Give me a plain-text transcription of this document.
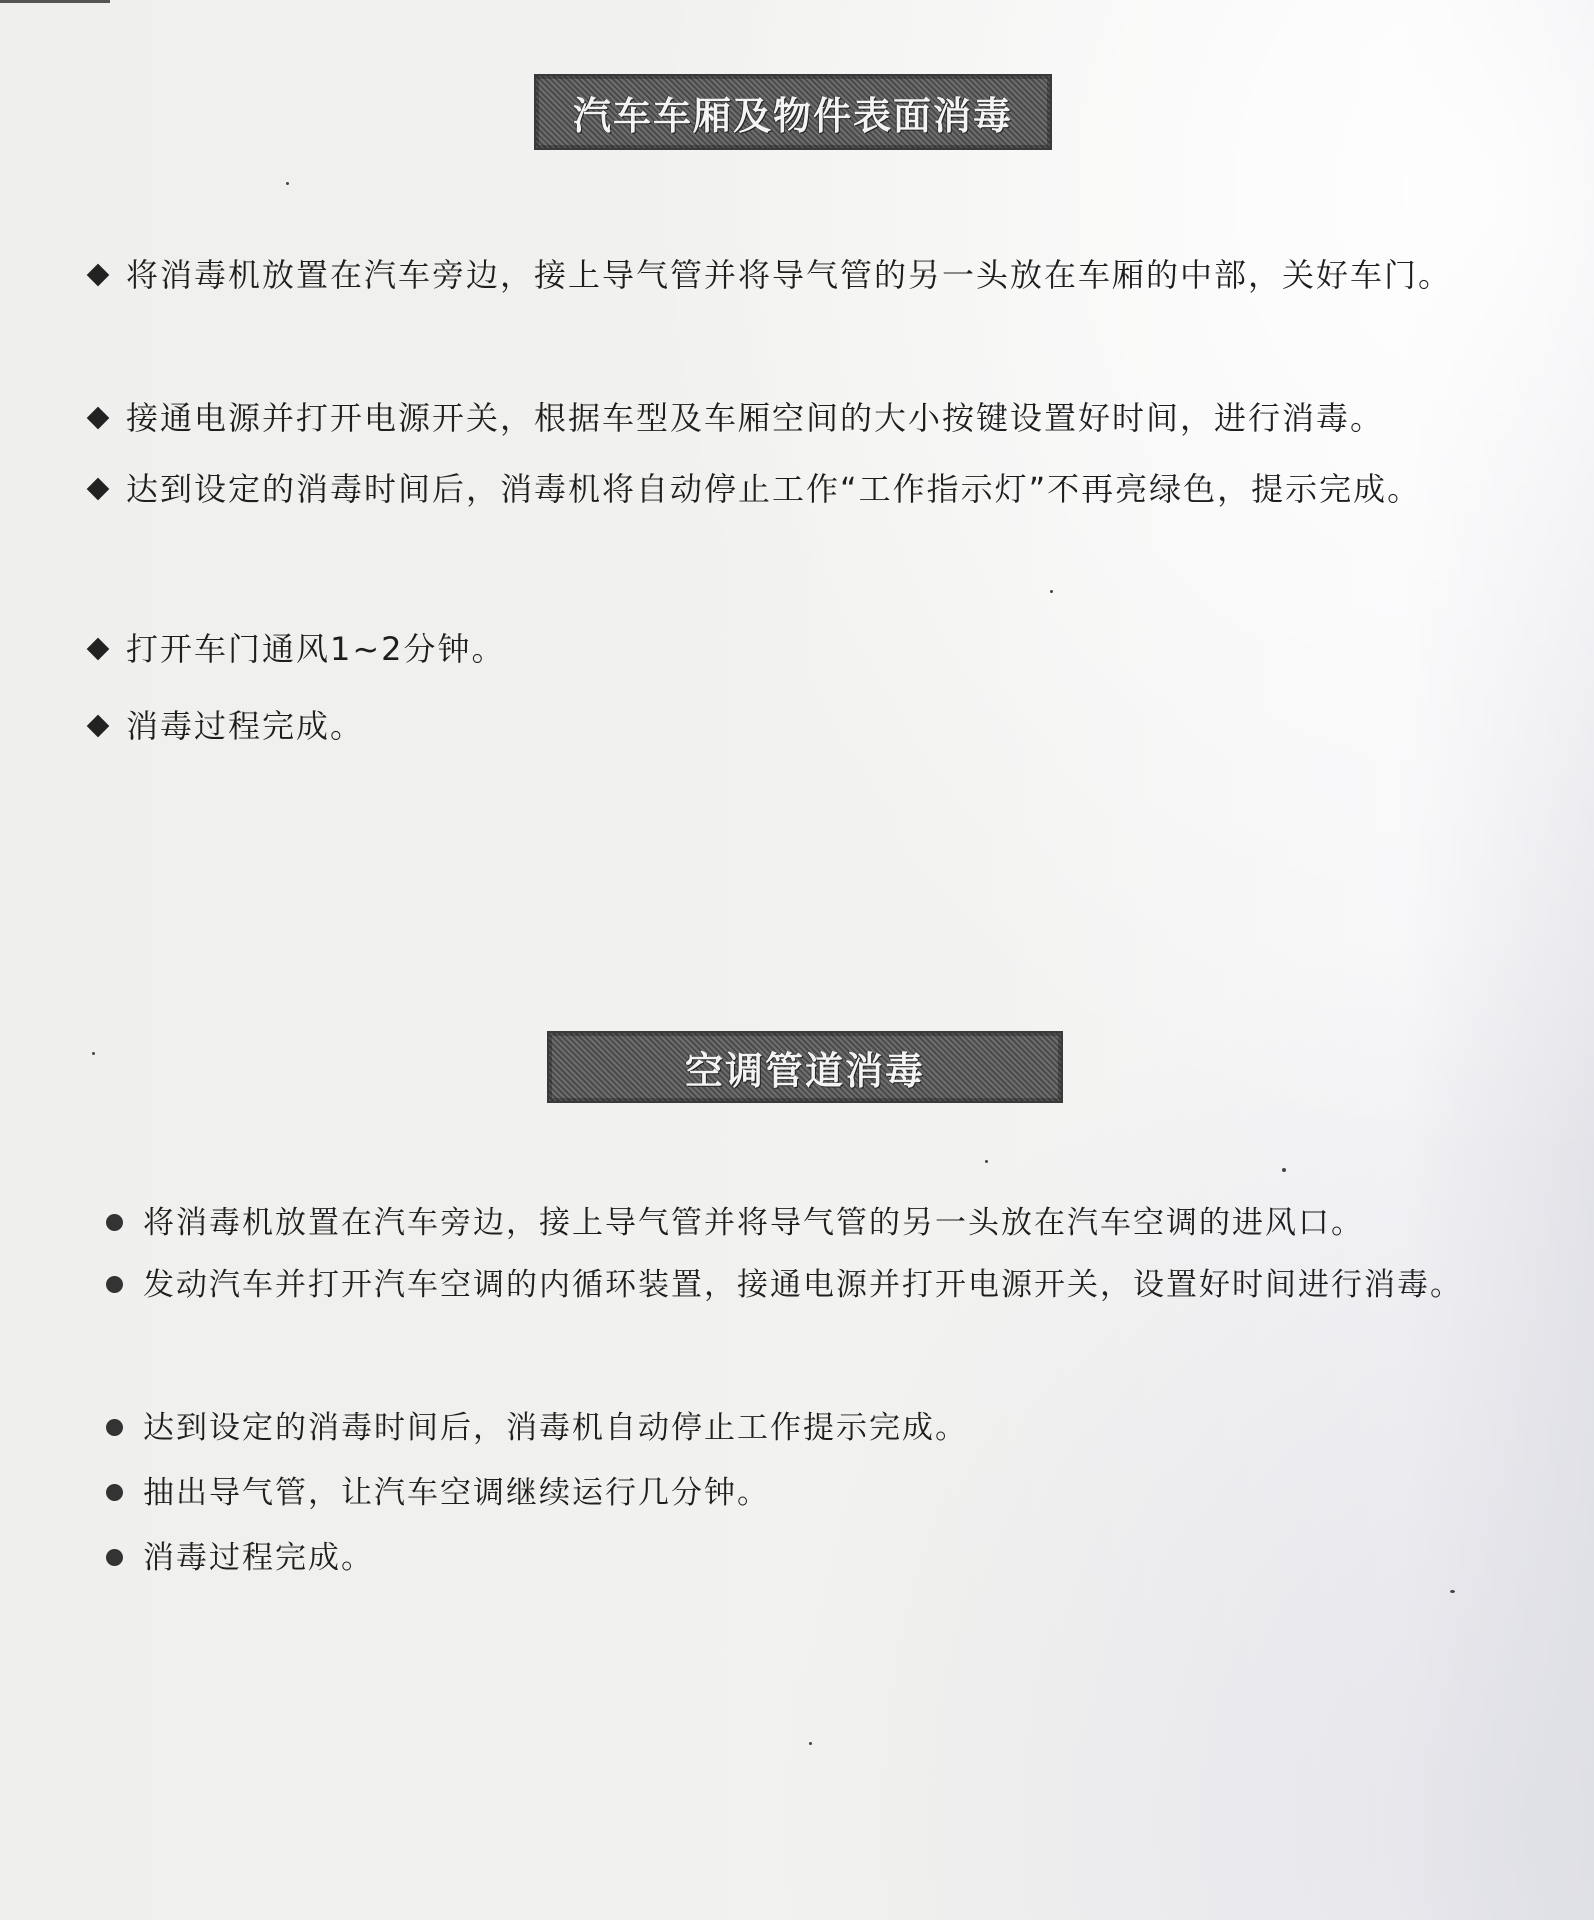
汽车车厢及物件表面消毒
将消毒机放置在汽车旁边，接上导气管并将导气管的另一头放在车厢的中部，关好车门。
接通电源并打开电源开关，根据车型及车厢空间的大小按键设置好时间，进行消毒。
达到设定的消毒时间后，消毒机将自动停止工作“工作指示灯”不再亮绿色，提示完成。
打开车门通风1~2分钟。
消毒过程完成。
空调管道消毒
将消毒机放置在汽车旁边，接上导气管并将导气管的另一头放在汽车空调的进风口。
发动汽车并打开汽车空调的内循环装置，接通电源并打开电源开关，设置好时间进行消毒。
达到设定的消毒时间后，消毒机自动停止工作提示完成。
抽出导气管，让汽车空调继续运行几分钟。
消毒过程完成。
